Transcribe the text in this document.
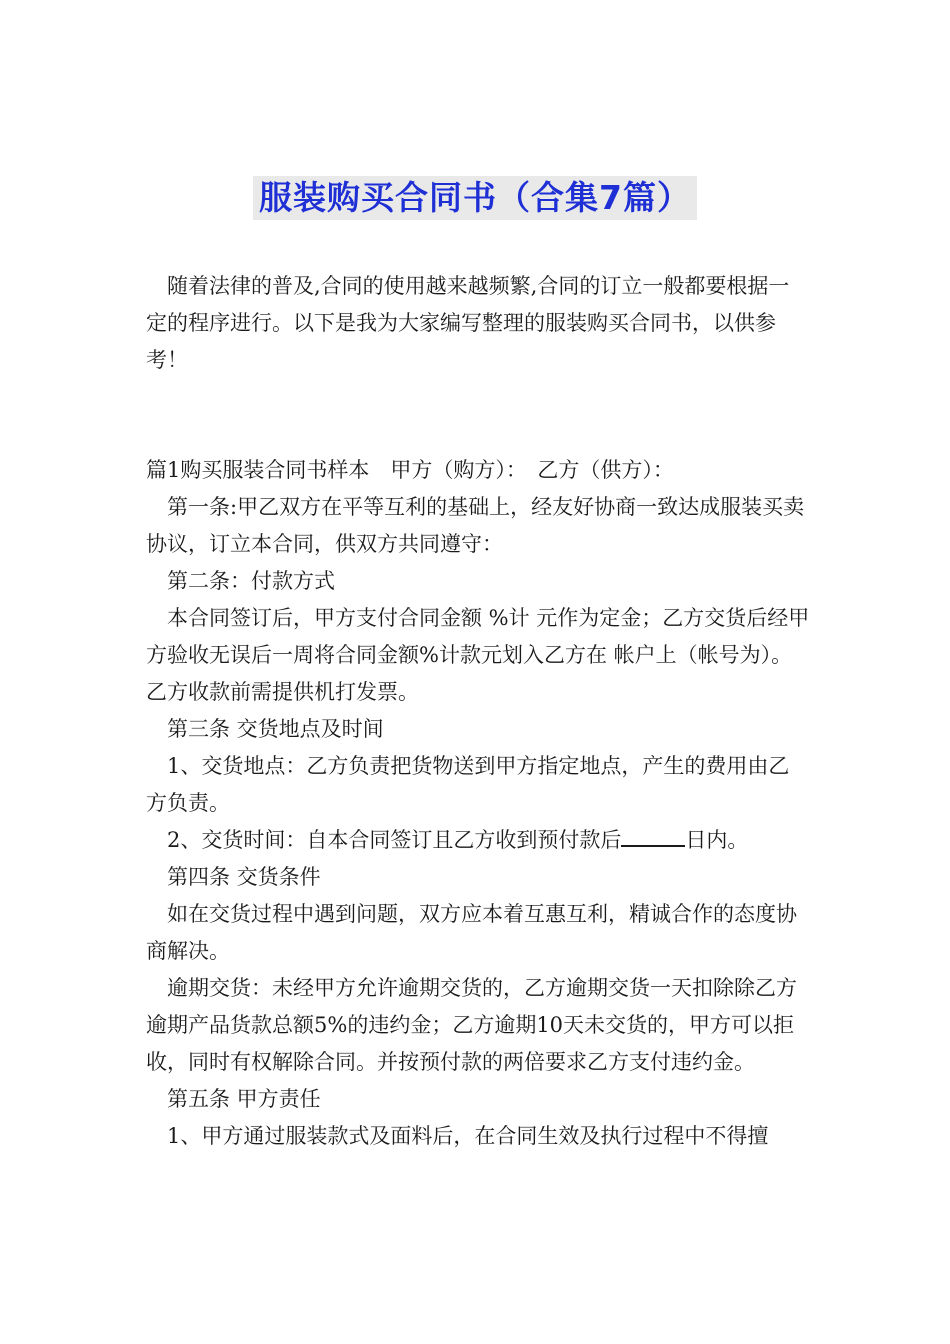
服装购买合同书（合集7篇）

随着法律的普及,合同的使用越来越频繁,合同的订立一般都要根据一定的程序进行。以下是我为大家编写整理的服装购买合同书，以供参考！

篇1购买服装合同书样本　甲方（购方）：　乙方（供方）：

第一条:甲乙双方在平等互利的基础上，经友好协商一致达成服装买卖协议，订立本合同，供双方共同遵守：

第二条：付款方式

本合同签订后，甲方支付合同金额 %计 元作为定金；乙方交货后经甲方验收无误后一周将合同金额%计款元划入乙方在 帐户上（帐号为）。乙方收款前需提供机打发票。

第三条 交货地点及时间

1、交货地点：乙方负责把货物送到甲方指定地点，产生的费用由乙方负责。

2、交货时间：自本合同签订且乙方收到预付款后	日内。

第四条 交货条件

如在交货过程中遇到问题，双方应本着互惠互利，精诚合作的态度协商解决。

逾期交货：未经甲方允许逾期交货的，乙方逾期交货一天扣除除乙方逾期产品货款总额5%的违约金；乙方逾期10天未交货的，甲方可以拒收，同时有权解除合同。并按预付款的两倍要求乙方支付违约金。

第五条 甲方责任

1、甲方通过服装款式及面料后，在合同生效及执行过程中不得擅
